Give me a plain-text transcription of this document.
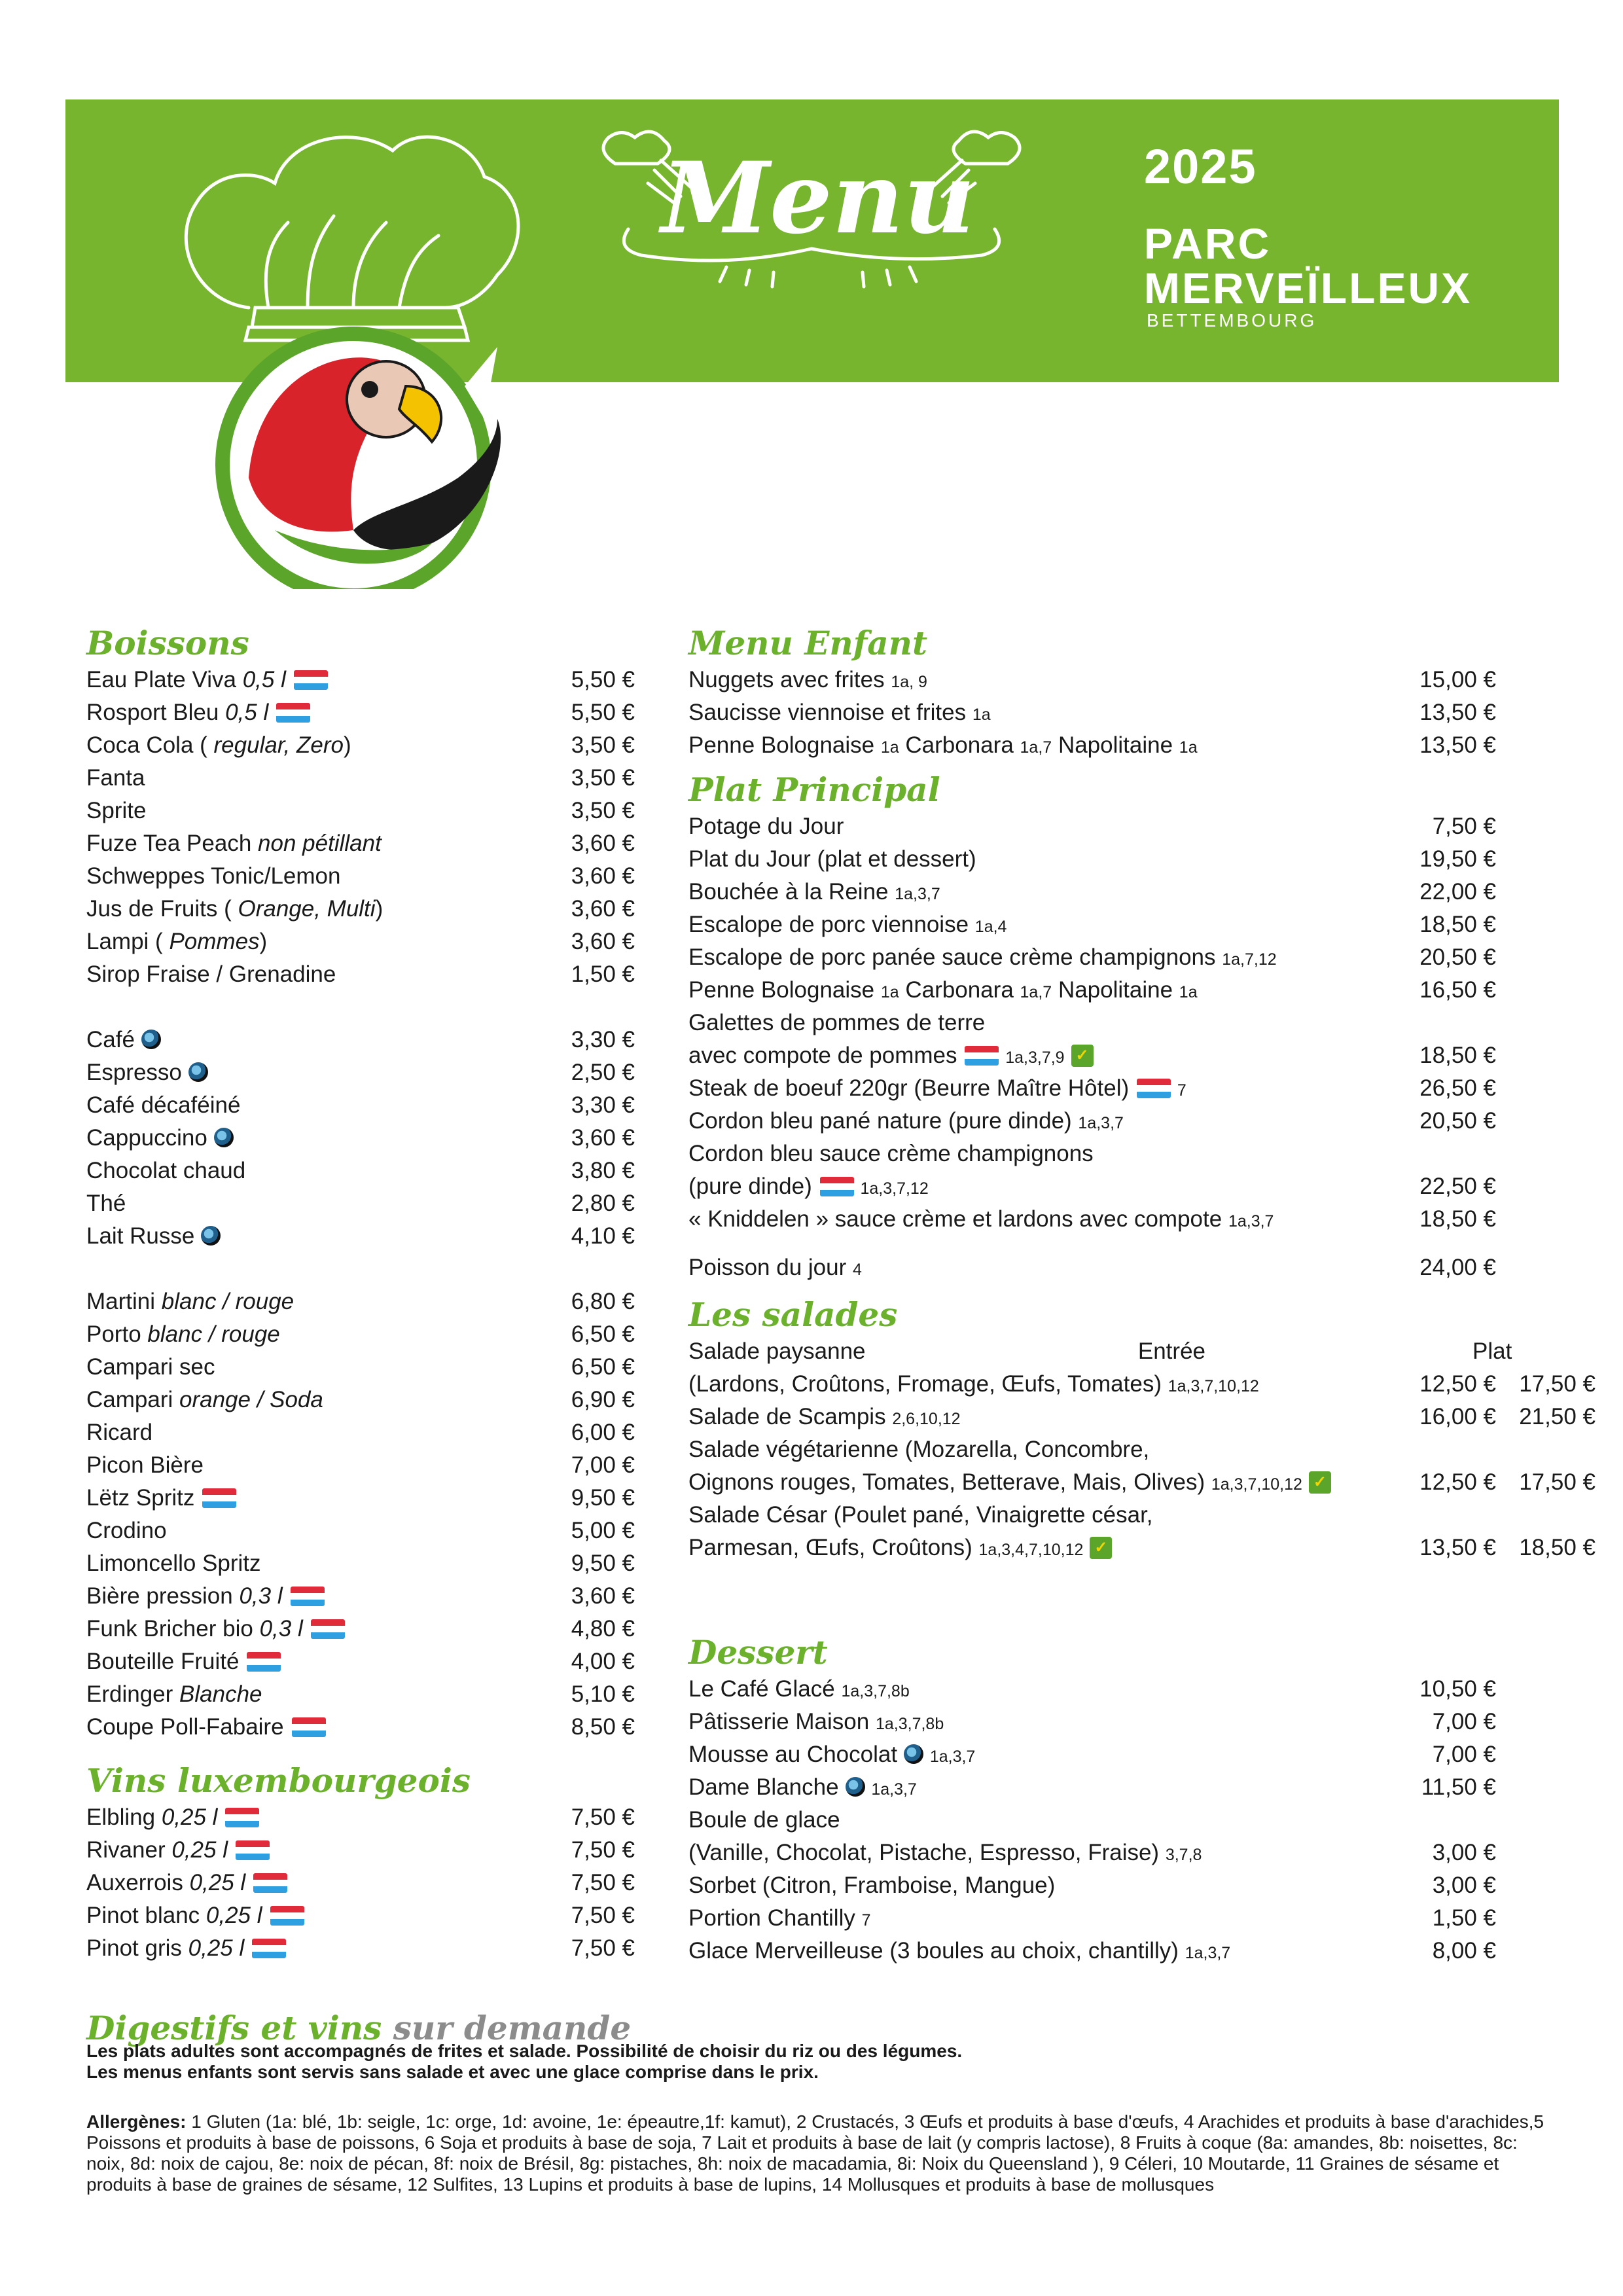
Menu	2025
PARC
MERVEÏLLEUX
BETTEMBOURG
Boissons
Eau Plate Viva 0,5 l	5,50 €
Rosport Bleu 0,5 l	5,50 €
Coca Cola ( regular, Zero)	3,50 €
Fanta	3,50 €
Sprite	3,50 €
Fuze Tea Peach non pétillant	3,60 €
Schweppes Tonic/Lemon	3,60 €
Jus de Fruits ( Orange, Multi)	3,60 €
Lampi ( Pommes)	3,60 €
Sirop Fraise / Grenadine	1,50 €
Café	3,30 €
Espresso	2,50 €
Café décaféiné	3,30 €
Cappuccino	3,60 €
Chocolat chaud	3,80 €
Thé	2,80 €
Lait Russe	4,10 €
Martini blanc / rouge	6,80 €
Porto blanc / rouge	6,50 €
Campari sec	6,50 €
Campari orange / Soda	6,90 €
Ricard	6,00 €
Picon Bière	7,00 €
Lëtz Spritz	9,50 €
Crodino	5,00 €
Limoncello Spritz	9,50 €
Bière pression 0,3 l	3,60 €
Funk Bricher bio 0,3 l	4,80 €
Bouteille Fruité	4,00 €
Erdinger Blanche	5,10 €
Coupe Poll-Fabaire	8,50 €
Vins luxembourgeois
Elbling 0,25 l	7,50 €
Rivaner 0,25 l	7,50 €
Auxerrois 0,25 l	7,50 €
Pinot blanc 0,25 l	7,50 €
Pinot gris 0,25 l	7,50 €
Digestifs et vins sur demande
Menu Enfant
Nuggets avec frites 1a, 9	15,00 €
Saucisse viennoise et frites 1a	13,50 €
Penne Bolognaise 1a Carbonara 1a,7 Napolitaine 1a	13,50 €
Plat Principal
Potage du Jour	7,50 €
Plat du Jour (plat et dessert)	19,50 €
Bouchée à la Reine 1a,3,7	22,00 €
Escalope de porc viennoise 1a,4	18,50 €
Escalope de porc panée sauce crème champignons 1a,7,12	20,50 €
Penne Bolognaise 1a Carbonara 1a,7 Napolitaine 1a	16,50 €
Galettes de pommes de terre
avec compote de pommes	1a,3,7,9 ✓	18,50 €
Steak de boeuf 220gr (Beurre Maître Hôtel)	7	26,50 €
Cordon bleu pané nature (pure dinde) 1a,3,7	20,50 €
Cordon bleu sauce crème champignons
(pure dinde)	1a,3,7,12	22,50 €
« Kniddelen » sauce crème et lardons avec compote 1a,3,7	18,50 €
Poisson du jour 4	24,00 €
Les salades
Salade paysanne	Entrée	Plat
(Lardons, Croûtons, Fromage, Œufs, Tomates) 1a,3,7,10,12	12,50 €	17,50 €
Salade de Scampis 2,6,10,12	16,00 €	21,50 €
Salade végétarienne (Mozarella, Concombre,
Oignons rouges, Tomates, Betterave, Mais, Olives) 1a,3,7,10,12 ✓	12,50 €	17,50 €
Salade César (Poulet pané, Vinaigrette césar,
Parmesan, Œufs, Croûtons) 1a,3,4,7,10,12 ✓	13,50 €	18,50 €
Dessert
Le Café Glacé 1a,3,7,8b	10,50 €
Pâtisserie Maison 1a,3,7,8b	7,00 €
Mousse au Chocolat 1a,3,7	7,00 €
Dame Blanche 1a,3,7	11,50 €
Boule de glace
(Vanille, Chocolat, Pistache, Espresso, Fraise) 3,7,8	3,00 €
Sorbet (Citron, Framboise, Mangue)	3,00 €
Portion Chantilly 7	1,50 €
Glace Merveilleuse (3 boules au choix, chantilly) 1a,3,7	8,00 €
Les plats adultes sont accompagnés de frites et salade. Possibilité de choisir du riz ou des légumes.
Les menus enfants sont servis sans salade et avec une glace comprise dans le prix.
Allergènes: 1 Gluten (1a: blé, 1b: seigle, 1c: orge, 1d: avoine, 1e: épeautre,1f: kamut), 2 Crustacés, 3 Œufs et produits à base d'œufs, 4 Arachides et produits à base d'arachides,5 Poissons et produits à base de poissons, 6 Soja et produits à base de soja, 7 Lait et produits à base de lait (y compris lactose), 8 Fruits à coque (8a: amandes, 8b: noisettes, 8c: noix, 8d: noix de cajou, 8e: noix de pécan, 8f: noix de Brésil, 8g: pistaches, 8h: noix de macadamia, 8i: Noix du Queensland ), 9 Céleri, 10 Moutarde, 11 Graines de sésame et produits à base de graines de sésame, 12 Sulfites, 13 Lupins et produits à base de lupins, 14 Mollusques et produits à base de mollusques
